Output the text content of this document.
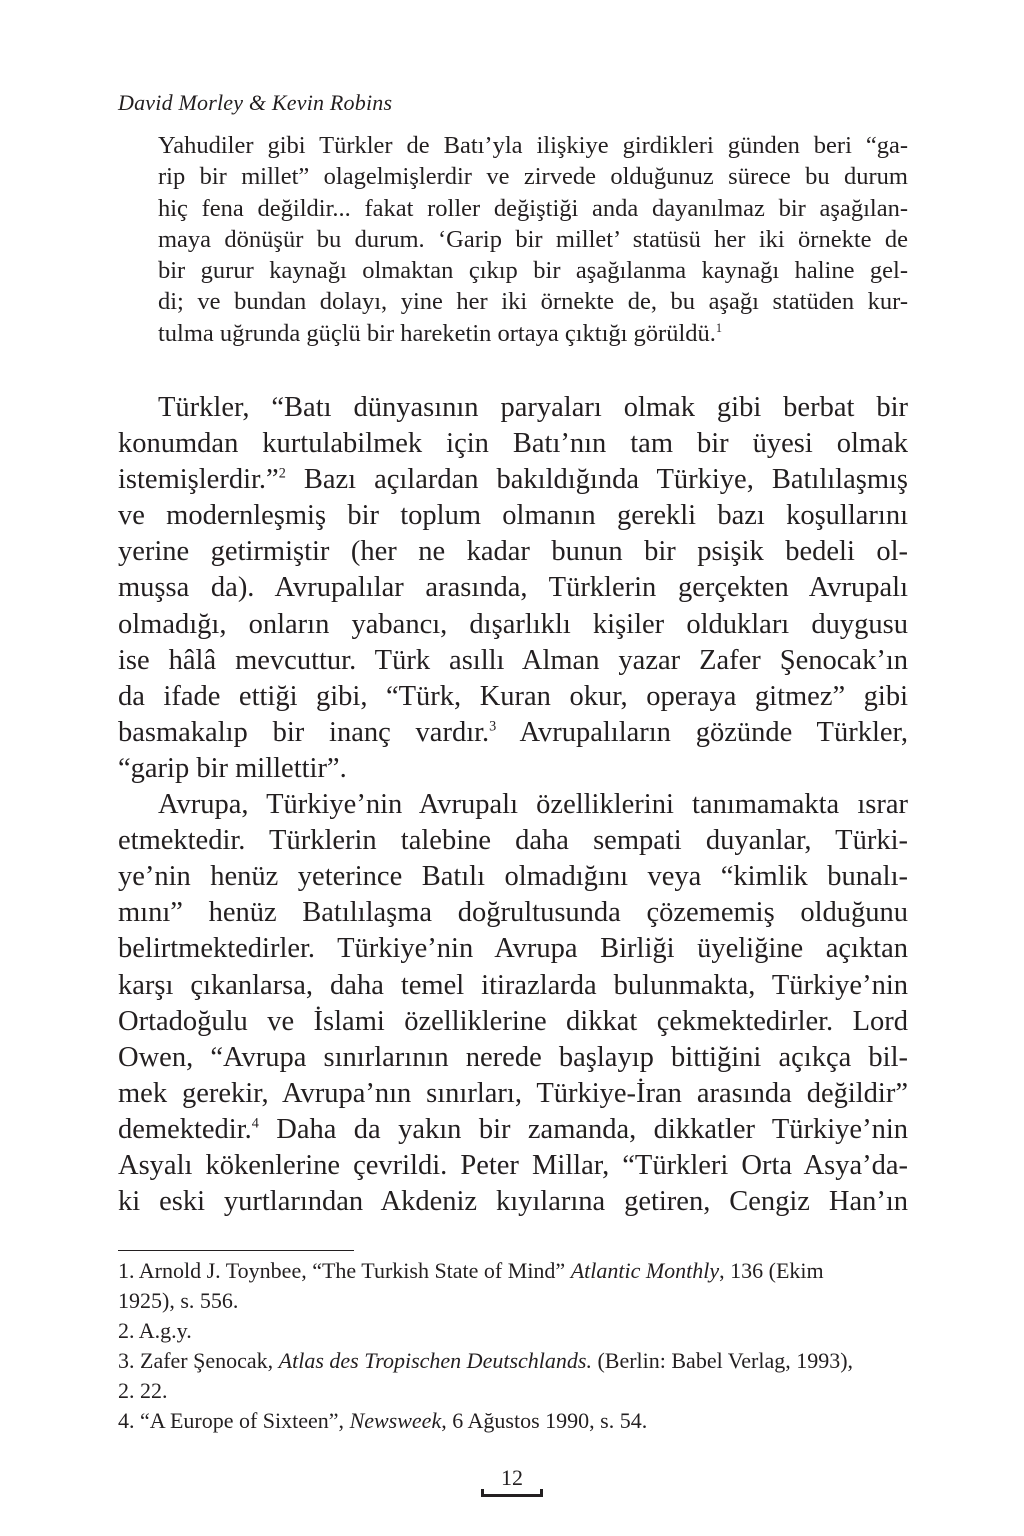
David Morley & Kevin Robins
Yahudiler gibi Türkler de Batı’yla ilişkiye girdikleri günden beri “ga-
rip bir millet” olagelmişlerdir ve zirvede olduğunuz sürece bu durum
hiç fena değildir... fakat roller değiştiği anda dayanılmaz bir aşağılan-
maya dönüşür bu durum. ‘Garip bir millet’ statüsü her iki örnekte de
bir gurur kaynağı olmaktan çıkıp bir aşağılanma kaynağı haline gel-
di; ve bundan dolayı, yine her iki örnekte de, bu aşağı statüden kur-
tulma uğrunda güçlü bir hareketin ortaya çıktığı görüldü.$^1$
Türkler, “Batı dünyasının paryaları olmak gibi berbat bir
konumdan kurtulabilmek için Batı’nın tam bir üyesi olmak
istemişlerdir.”$^2$ Bazı açılardan bakıldığında Türkiye, Batılılaşmış
ve modernleşmiş bir toplum olmanın gerekli bazı koşullarını
yerine getirmiştir (her ne kadar bunun bir psişik bedeli ol-
muşsa da). Avrupalılar arasında, Türklerin gerçekten Avrupalı
olmadığı, onların yabancı, dışarlıklı kişiler oldukları duygusu
ise hâlâ mevcuttur. Türk asıllı Alman yazar Zafer Şenocak’ın
da ifade ettiği gibi, “Türk, Kuran okur, operaya gitmez” gibi
basmakalıp bir inanç vardır.$^3$ Avrupalıların gözünde Türkler,
“garip bir millettir”.
Avrupa, Türkiye’nin Avrupalı özelliklerini tanımamakta ısrar
etmektedir. Türklerin talebine daha sempati duyanlar, Türki-
ye’nin henüz yeterince Batılı olmadığını veya “kimlik bunalı-
mını” henüz Batılılaşma doğrultusunda çözememiş olduğunu
belirtmektedirler. Türkiye’nin Avrupa Birliği üyeliğine açıktan
karşı çıkanlarsa, daha temel itirazlarda bulunmakta, Türkiye’nin
Ortadoğulu ve İslami özelliklerine dikkat çekmektedirler. Lord
Owen, “Avrupa sınırlarının nerede başlayıp bittiğini açıkça bil-
mek gerekir, Avrupa’nın sınırları, Türkiye-İran arasında değildir”
demektedir.$^4$ Daha da yakın bir zamanda, dikkatler Türkiye’nin
Asyalı kökenlerine çevrildi. Peter Millar, “Türkleri Orta Asya’da-
ki eski yurtlarından Akdeniz kıyılarına getiren, Cengiz Han’ın
1. Arnold J. Toynbee, “The Turkish State of Mind” Atlantic Monthly, 136 (Ekim
1925), s. 556.
2. A.g.y.
3. Zafer Şenocak, Atlas des Tropischen Deutschlands. (Berlin: Babel Verlag, 1993),
2. 22.
4. “A Europe of Sixteen”, Newsweek, 6 Ağustos 1990, s. 54.
12
